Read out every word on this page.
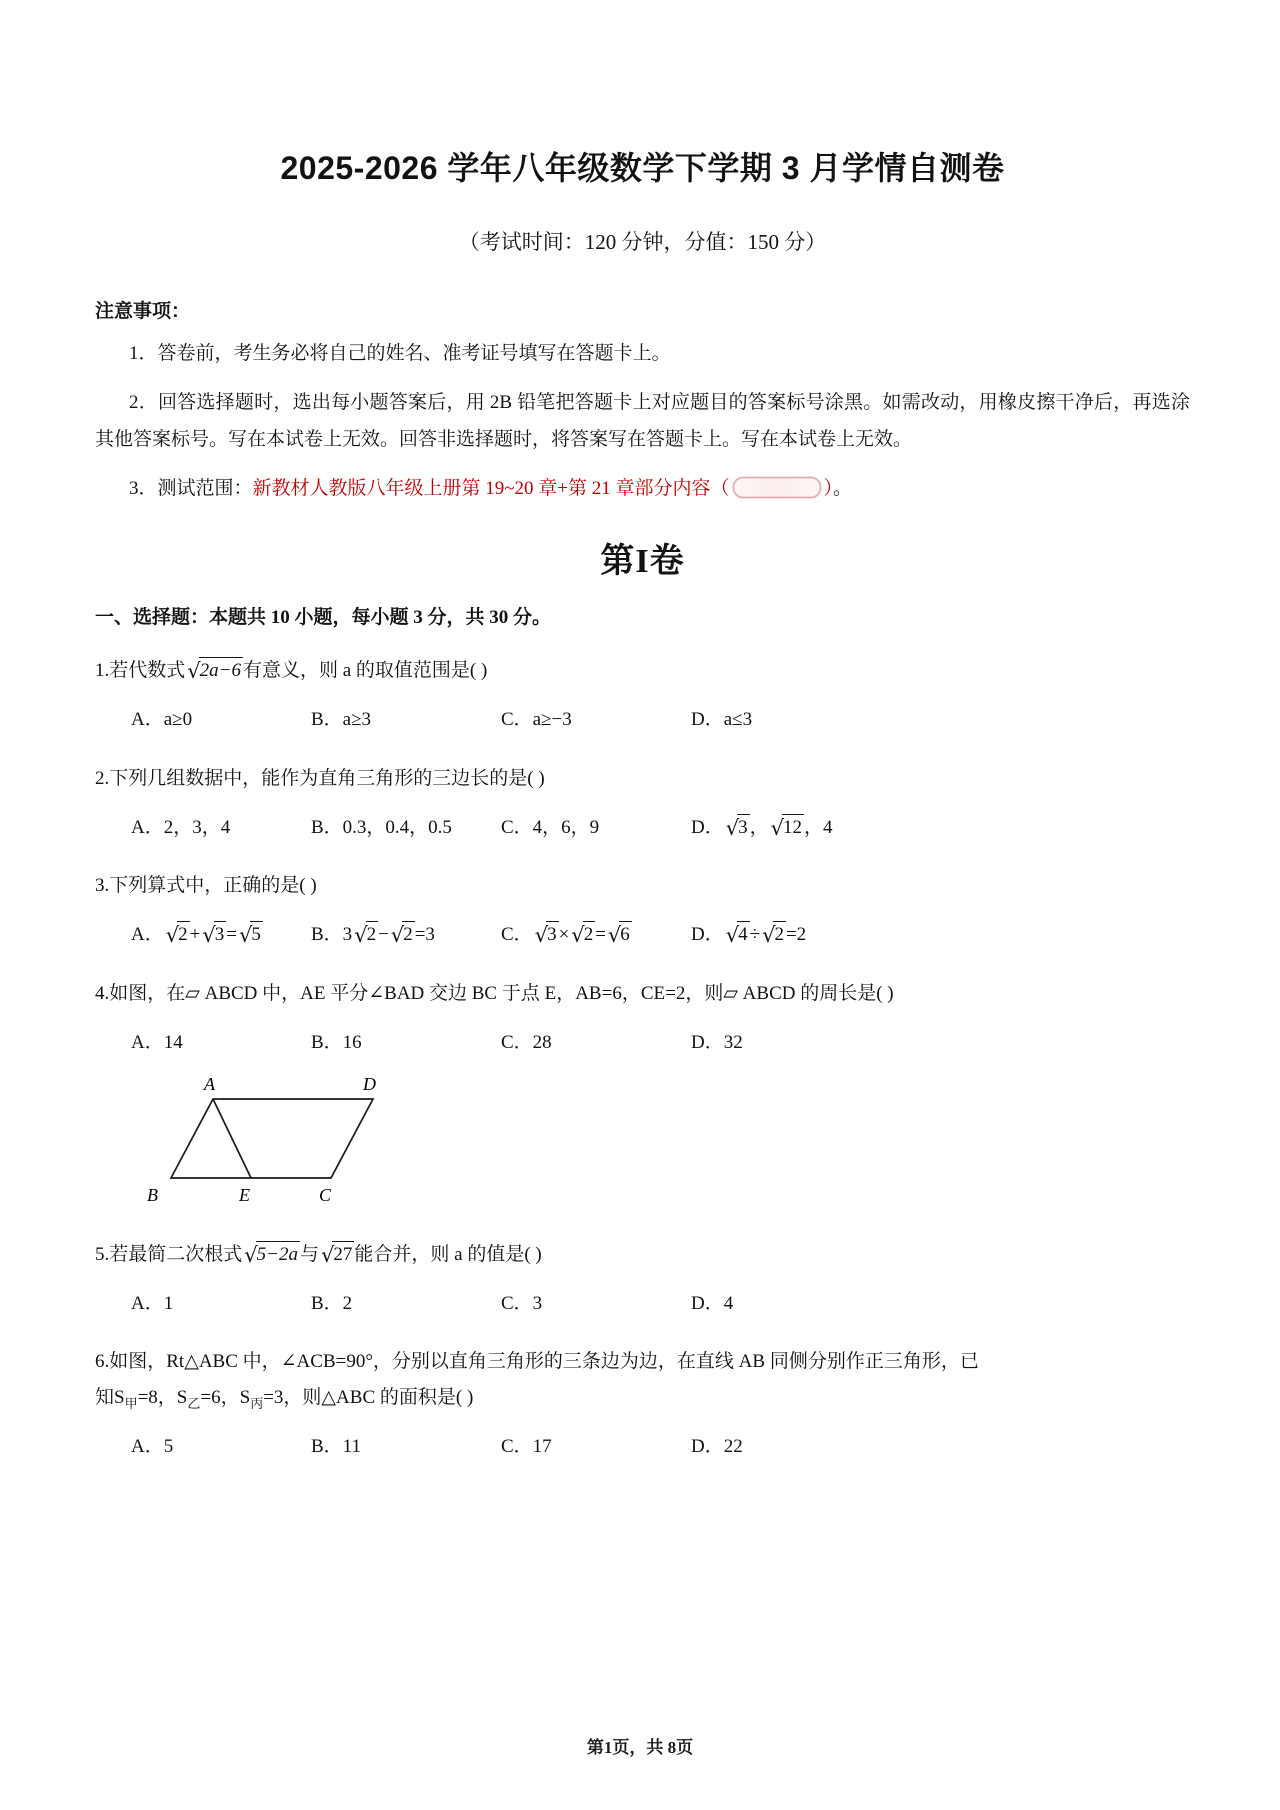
2025-2026 学年八年级数学下学期 3 月学情自测卷

（考试时间：120 分钟，分值：150 分）

注意事项：

1．答卷前，考生务必将自己的姓名、准考证号填写在答题卡上。

2．回答选择题时，选出每小题答案后，用 2B 铅笔把答题卡上对应题目的答案标号涂黑。如需改动，用橡皮擦干净后，再选涂其他答案标号。写在本试卷上无效。回答非选择题时，将答案写在答题卡上。写在本试卷上无效。

3．测试范围：新教材人教版八年级上册第 19~20 章+第 21 章部分内容（	）。

第I卷

一、选择题：本题共 10 小题，每小题 3 分，共 30 分。

1.若代数式√2a−6 有意义，则 a 的取值范围是( )

A．a≥0	B．a≥3	C．a≥−3	D．a≤3

2.下列几组数据中，能作为直角三角形的三边长的是( )

A．2，3，4	B．0.3，0.4，0.5	C．4，6，9	D．√3 ，√12 ，4

3.下列算式中，正确的是( )

A．√2 +√3 =√5	B．3√2 −√2 =3	C．√3 ×√2 =√6	D．√4 ÷√2 =2

4.如图，在▱ ABCD 中，AE 平分∠BAD 交边 BC 于点 E，AB=6，CE=2，则▱ ABCD 的周长是( )

A．14	B．16	C．28	D．32

A	D
B	E	C

5.若最简二次根式√5−2a 与√27 能合并，则 a 的值是( )

A．1	B．2	C．3	D．4

6.如图，Rt△ABC 中，∠ACB=90°，分别以直角三角形的三条边为边，在直线 AB 同侧分别作正三角形，已
知$S_甲=8$，$S_乙=6$，$S_丙=3$，则△ABC 的面积是( )

A．5	B．11	C．17	D．22

第1页，共 8页
